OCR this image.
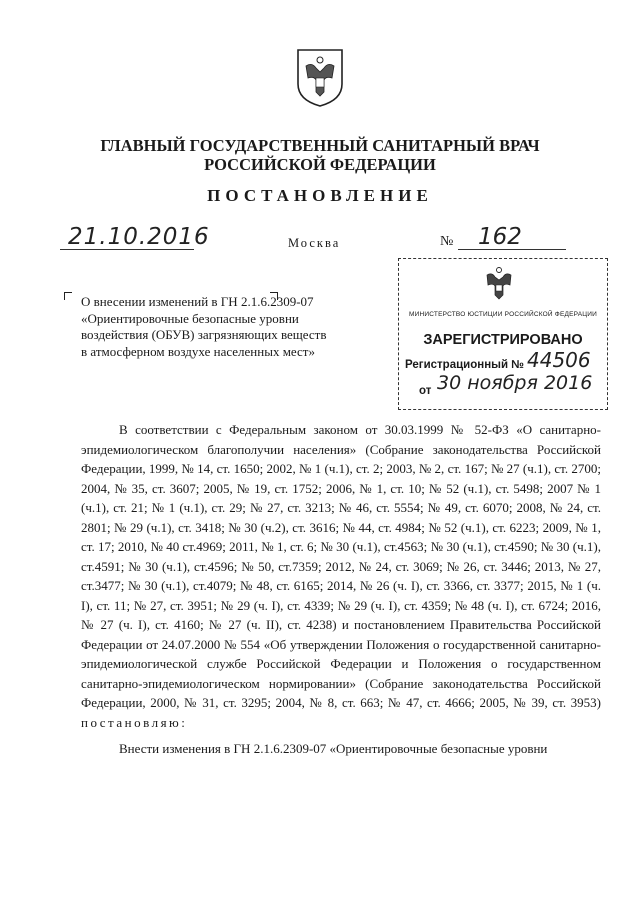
ГЛАВНЫЙ ГОСУДАРСТВЕННЫЙ САНИТАРНЫЙ ВРАЧ
РОССИЙСКОЙ ФЕДЕРАЦИИ
ПОСТАНОВЛЕНИЕ
21.10.2016	Москва	№ 162
О внесении изменений в ГН 2.1.6.2309-07 «Ориентировочные безопасные уровни воздействия (ОБУВ) загрязняющих веществ в атмосферном воздухе населенных мест»
МИНИСТЕРСТВО ЮСТИЦИИ РОССИЙСКОЙ ФЕДЕРАЦИИ
ЗАРЕГИСТРИРОВАНО
Регистрационный № 44506
от 30 ноября 2016

В соответствии с Федеральным законом от 30.03.1999 № 52-ФЗ «О санитарно-эпидемиологическом благополучии населения» (Собрание законодательства Российской Федерации, 1999, № 14, ст. 1650; 2002, № 1 (ч.1), ст. 2; 2003, № 2, ст. 167; № 27 (ч.1), ст. 2700; 2004, № 35, ст. 3607; 2005, № 19, ст. 1752; 2006, № 1, ст. 10; № 52 (ч.1), ст. 5498; 2007 № 1 (ч.1), ст. 21; № 1 (ч.1), ст. 29; № 27, ст. 3213; № 46, ст. 5554; № 49, ст. 6070; 2008, № 24, ст. 2801; № 29 (ч.1), ст. 3418; № 30 (ч.2), ст. 3616; № 44, ст. 4984; № 52 (ч.1), ст. 6223; 2009, № 1, ст. 17; 2010, № 40 ст.4969; 2011, № 1, ст. 6; № 30 (ч.1), ст.4563; № 30 (ч.1), ст.4590; № 30 (ч.1), ст.4591; № 30 (ч.1), ст.4596; № 50, ст.7359; 2012, № 24, ст. 3069; № 26, ст. 3446; 2013, № 27, ст.3477; № 30 (ч.1), ст.4079; № 48, ст. 6165; 2014, № 26 (ч. I), ст. 3366, ст. 3377; 2015, № 1 (ч. I), ст. 11; № 27, ст. 3951; № 29 (ч. I), ст. 4339; № 29 (ч. I), ст. 4359; № 48 (ч. I), ст. 6724; 2016, № 27 (ч. I), ст. 4160; № 27 (ч. II), ст. 4238) и постановлением Правительства Российской Федерации от 24.07.2000 № 554 «Об утверждении Положения о государственной санитарно-эпидемиологической службе Российской Федерации и Положения о государственном санитарно-эпидемиологическом нормировании» (Собрание законодательства Российской Федерации, 2000, № 31, ст. 3295; 2004, № 8, ст. 663; № 47, ст. 4666; 2005, № 39, ст. 3953) постановляю:

Внести изменения в ГН 2.1.6.2309-07 «Ориентировочные безопасные уровни
